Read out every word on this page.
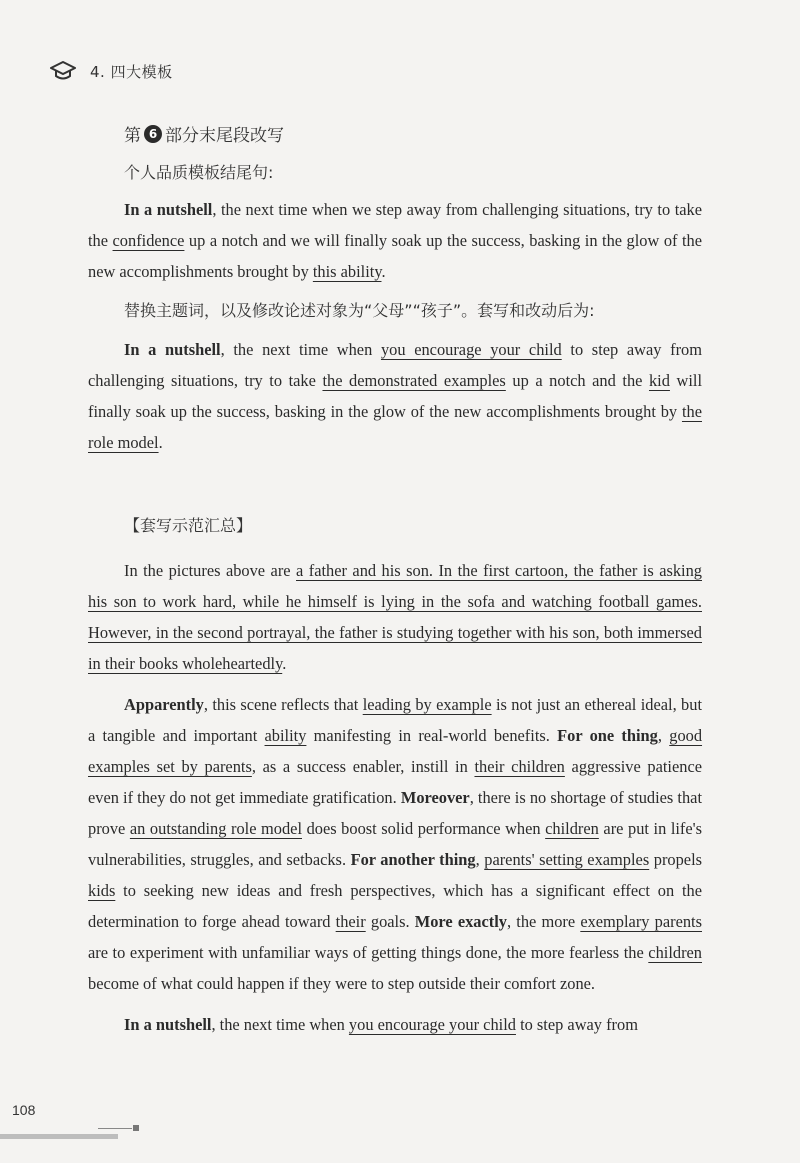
4. 四大模板
第 6 部分末尾段改写
个人品质模板结尾句:

In a nutshell, the next time when we step away from challenging situations, try to take the confidence up a notch and we will finally soak up the success, basking in the glow of the new accomplishments brought by this ability.

替换主题词，以及修改论述对象为“父母”“孩子”。套写和改动后为:

In a nutshell, the next time when you encourage your child to step away from challenging situations, try to take the demonstrated examples up a notch and the kid will finally soak up the success, basking in the glow of the new accomplishments brought by the role model.

【套写示范汇总】

In the pictures above are a father and his son. In the first cartoon, the father is asking his son to work hard, while he himself is lying in the sofa and watching football games. However, in the second portrayal, the father is studying together with his son, both immersed in their books wholeheartedly.

Apparently, this scene reflects that leading by example is not just an ethereal ideal, but a tangible and important ability manifesting in real-world benefits. For one thing, good examples set by parents, as a success enabler, instill in their children aggressive patience even if they do not get immediate gratification. Moreover, there is no shortage of studies that prove an outstanding role model does boost solid performance when children are put in life's vulnerabilities, struggles, and setbacks. For another thing, parents' setting examples propels kids to seeking new ideas and fresh perspectives, which has a significant effect on the determination to forge ahead toward their goals. More exactly, the more exemplary parents are to experiment with unfamiliar ways of getting things done, the more fearless the children become of what could happen if they were to step outside their comfort zone.

In a nutshell, the next time when you encourage your child to step away from

108
